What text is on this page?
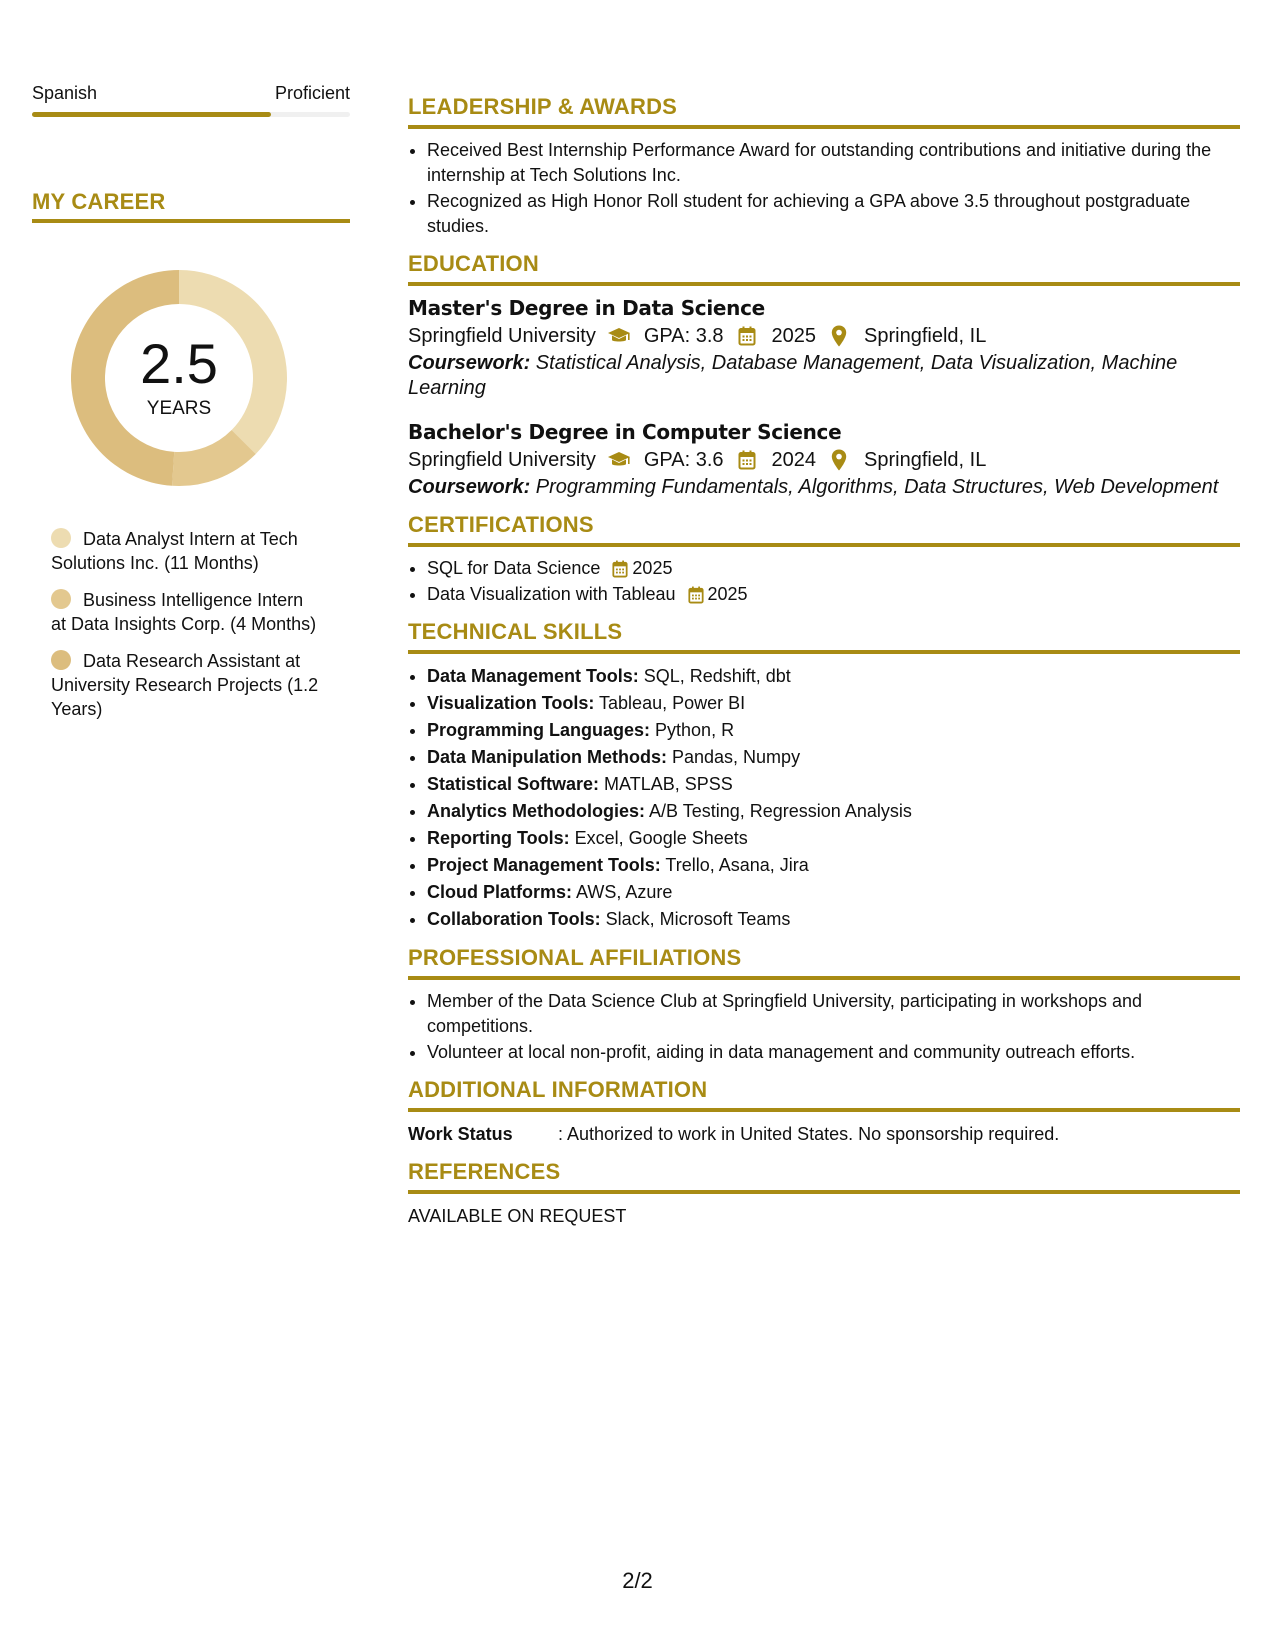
Spanish	Proficient
MY CAREER
2.5
YEARS
Data Analyst Intern at Tech Solutions Inc. (11 Months)
Business Intelligence Intern at Data Insights Corp. (4 Months)
Data Research Assistant at University Research Projects (1.2 Years)
LEADERSHIP & AWARDS
• Received Best Internship Performance Award for outstanding contributions and initiative during the internship at Tech Solutions Inc.
• Recognized as High Honor Roll student for achieving a GPA above 3.5 throughout postgraduate studies.
EDUCATION
Master's Degree in Data Science
Springfield University GPA: 3.8 2025 Springfield, IL
Coursework: Statistical Analysis, Database Management, Data Visualization, Machine Learning
Bachelor's Degree in Computer Science
Springfield University GPA: 3.6 2024 Springfield, IL
Coursework: Programming Fundamentals, Algorithms, Data Structures, Web Development
CERTIFICATIONS
• SQL for Data Science 2025
• Data Visualization with Tableau 2025
TECHNICAL SKILLS
• Data Management Tools: SQL, Redshift, dbt
• Visualization Tools: Tableau, Power BI
• Programming Languages: Python, R
• Data Manipulation Methods: Pandas, Numpy
• Statistical Software: MATLAB, SPSS
• Analytics Methodologies: A/B Testing, Regression Analysis
• Reporting Tools: Excel, Google Sheets
• Project Management Tools: Trello, Asana, Jira
• Cloud Platforms: AWS, Azure
• Collaboration Tools: Slack, Microsoft Teams
PROFESSIONAL AFFILIATIONS
• Member of the Data Science Club at Springfield University, participating in workshops and competitions.
• Volunteer at local non-profit, aiding in data management and community outreach efforts.
ADDITIONAL INFORMATION
Work Status	: Authorized to work in United States. No sponsorship required.
REFERENCES
AVAILABLE ON REQUEST
2/2
